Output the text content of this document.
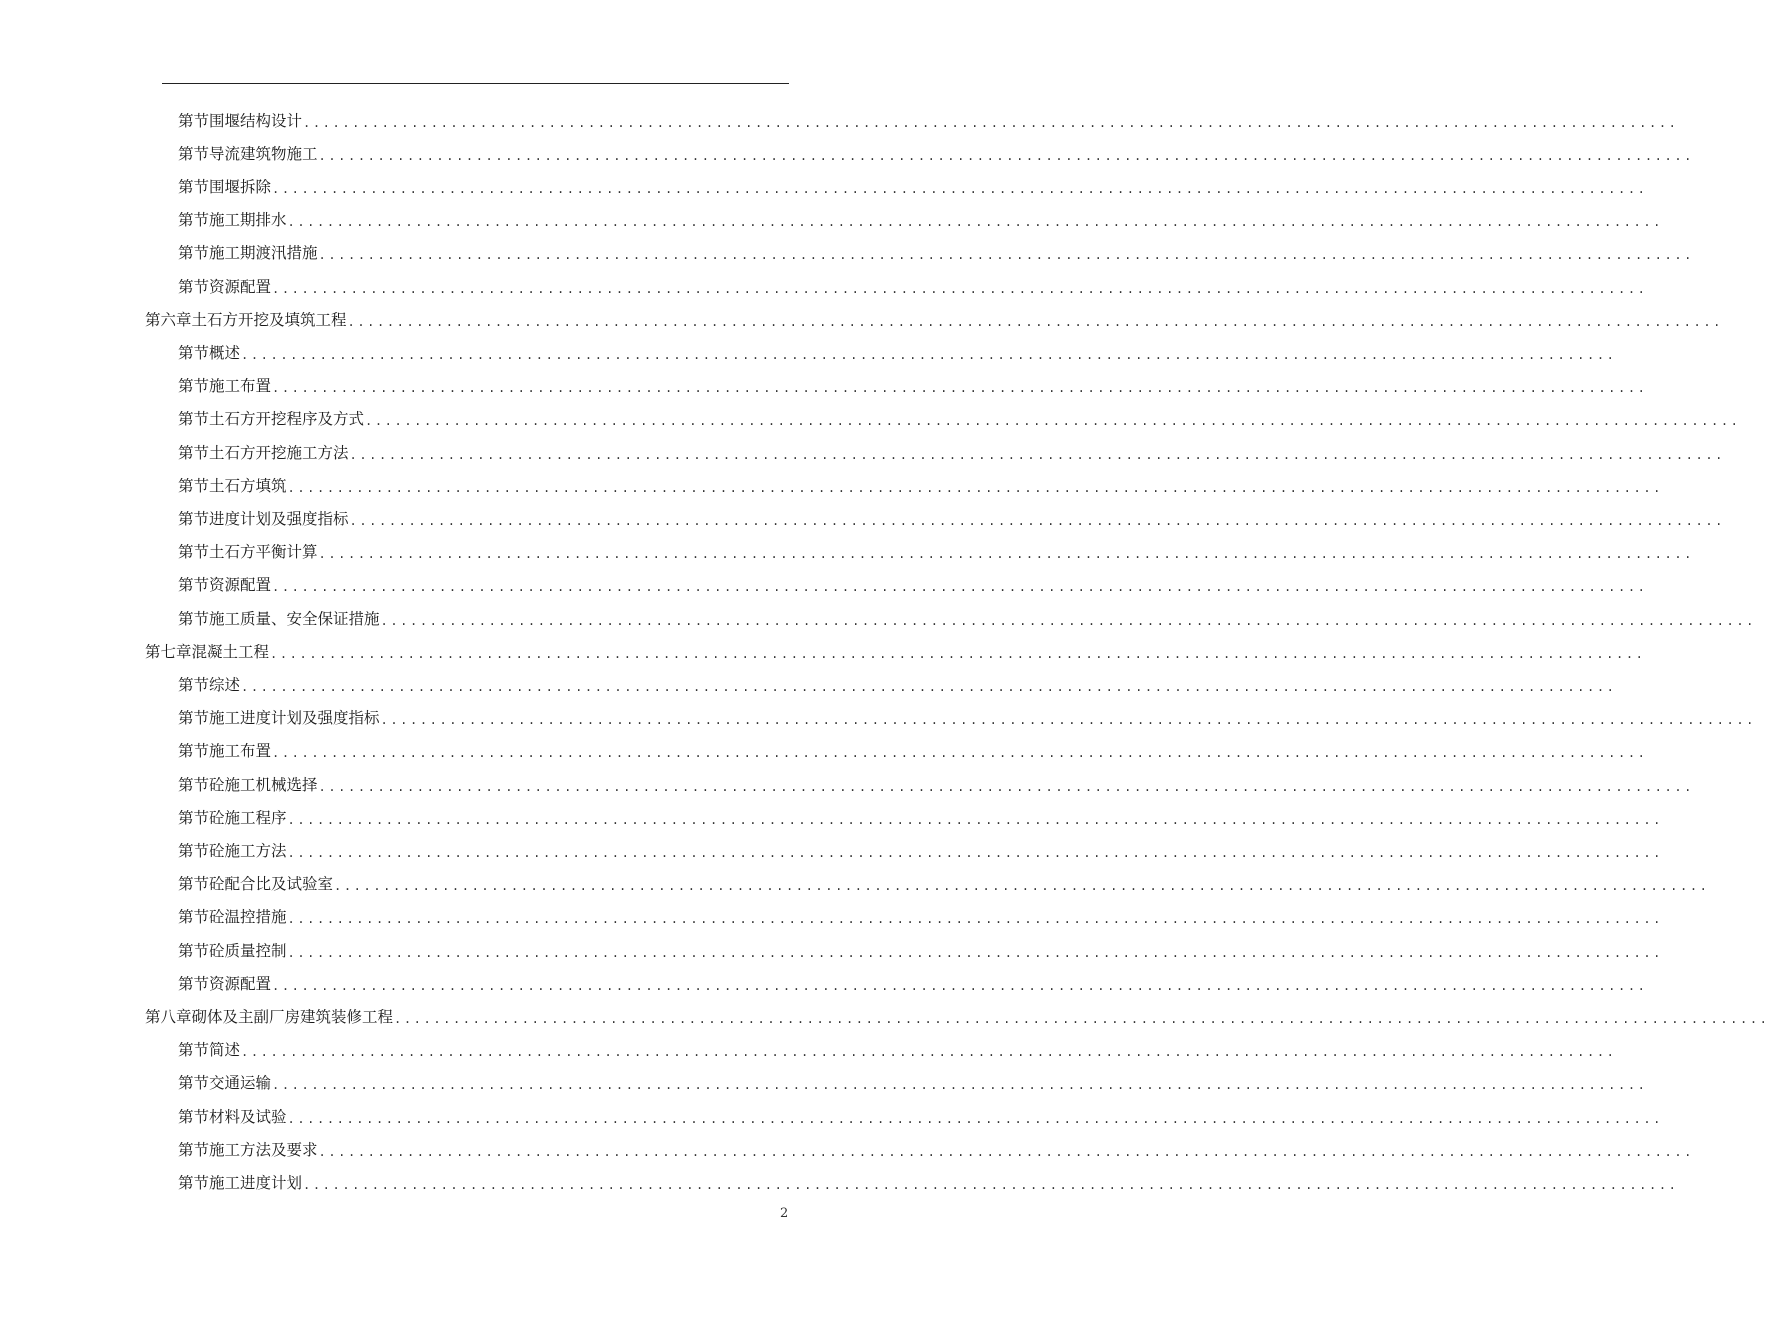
第节 围堰结构设计 ............................................................................................................................................
第节 导流建筑物施工 ............................................................................................................................................
第节 围堰拆除 ............................................................................................................................................
第节 施工期排水 ............................................................................................................................................
第节 施工期渡汛措施 ............................................................................................................................................
第节 资源配置 ............................................................................................................................................
第六章 土石方开挖及填筑工程 ............................................................................................................................................
第节 概述 ............................................................................................................................................
第节 施工布置 ............................................................................................................................................
第节 土石方开挖程序及方式 ............................................................................................................................................
第节 土石方开挖施工方法 ............................................................................................................................................
第节 土石方填筑 ............................................................................................................................................
第节 进度计划及强度指标 ............................................................................................................................................
第节 土石方平衡计算 ............................................................................................................................................
第节 资源配置 ............................................................................................................................................
第节 施工质量、安全保证措施 ............................................................................................................................................
第七章 混凝土工程 ............................................................................................................................................
第节 综述 ............................................................................................................................................
第节 施工进度计划及强度指标 ............................................................................................................................................
第节 施工布置 ............................................................................................................................................
第节 砼施工机械选择 ............................................................................................................................................
第节 砼施工程序 ............................................................................................................................................
第节 砼施工方法 ............................................................................................................................................
第节 砼配合比及试验室 ............................................................................................................................................
第节 砼温控措施 ............................................................................................................................................
第节 砼质量控制 ............................................................................................................................................
第节 资源配置 ............................................................................................................................................
第八章 砌体及主副厂房建筑装修工程 ............................................................................................................................................
第节 简述 ............................................................................................................................................
第节 交通运输 ............................................................................................................................................
第节 材料及试验 ............................................................................................................................................
第节 施工方法及要求 ............................................................................................................................................
第节 施工进度计划 ............................................................................................................................................
2
